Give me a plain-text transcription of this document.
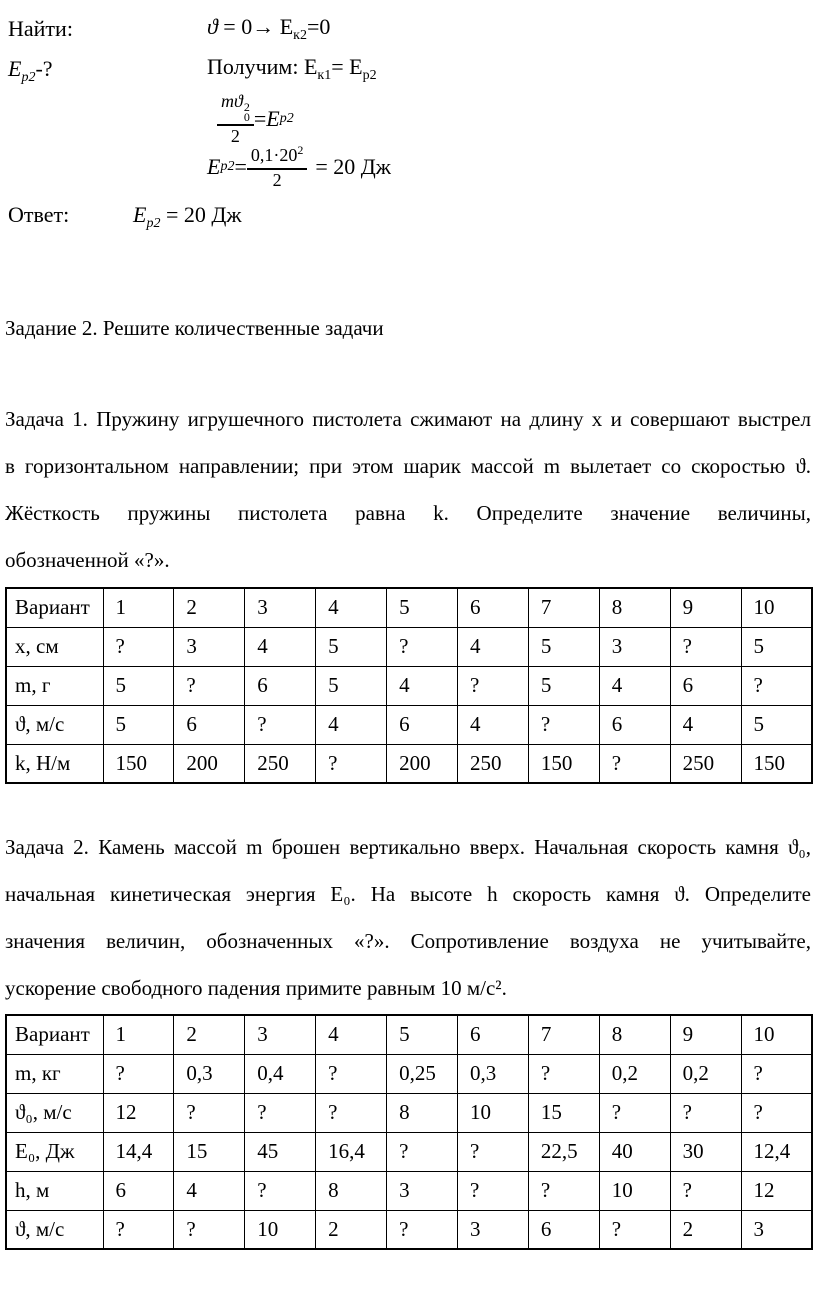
Найти:	$ϑ = 0\to E_{к2}=0$
$E_{p2}-$?	Получим: $E_{к1}= E_{p2}$
mϑ 2
0
2 = E p2
E $p2 = \frac{0,1\cdot 20^2}{2} = 20$ Дж
Ответ:	$E_{p2} = 20$ Дж
Задание 2. Решите количественные задачи
Задача 1. Пружину игрушечного пистолета сжимают на длину x и совершают выстрел
в горизонтальном направлении; при этом шарик массой m вылетает со скоростью ϑ.
Жёсткость пружины пистолета равна k. Определите значение величины,
обозначенной «?».
Вариант	1	2	3	4	5	6	7	8	9	10
x, см	?	3	4	5	?	4	5	3	?	5
m, г	5	?	6	5	4	?	5	4	6	?
ϑ, м/с	5	6	?	4	6	4	?	6	4	5
k, Н/м	150	200	250	?	200	250	150	?	250	150
Задача 2. Камень массой m брошен вертикально вверх. Начальная скорость камня ϑ₀,
начальная кинетическая энергия E₀. На высоте h скорость камня ϑ. Определите
значения величин, обозначенных «?». Сопротивление воздуха не учитывайте,
ускорение свободного падения примите равным 10 м/с².
Вариант	1	2	3	4	5	6	7	8	9	10
m, кг	?	0,3	0,4	?	0,25	0,3	?	0,2	0,2	?
ϑ₀, м/с	12	?	?	?	8	10	15	?	?	?
E₀, Дж	14,4	15	45	16,4	?	?	22,5	40	30	12,4
h, м	6	4	?	8	3	?	?	10	?	12
ϑ, м/с	?	?	10	2	?	3	6	?	2	3
